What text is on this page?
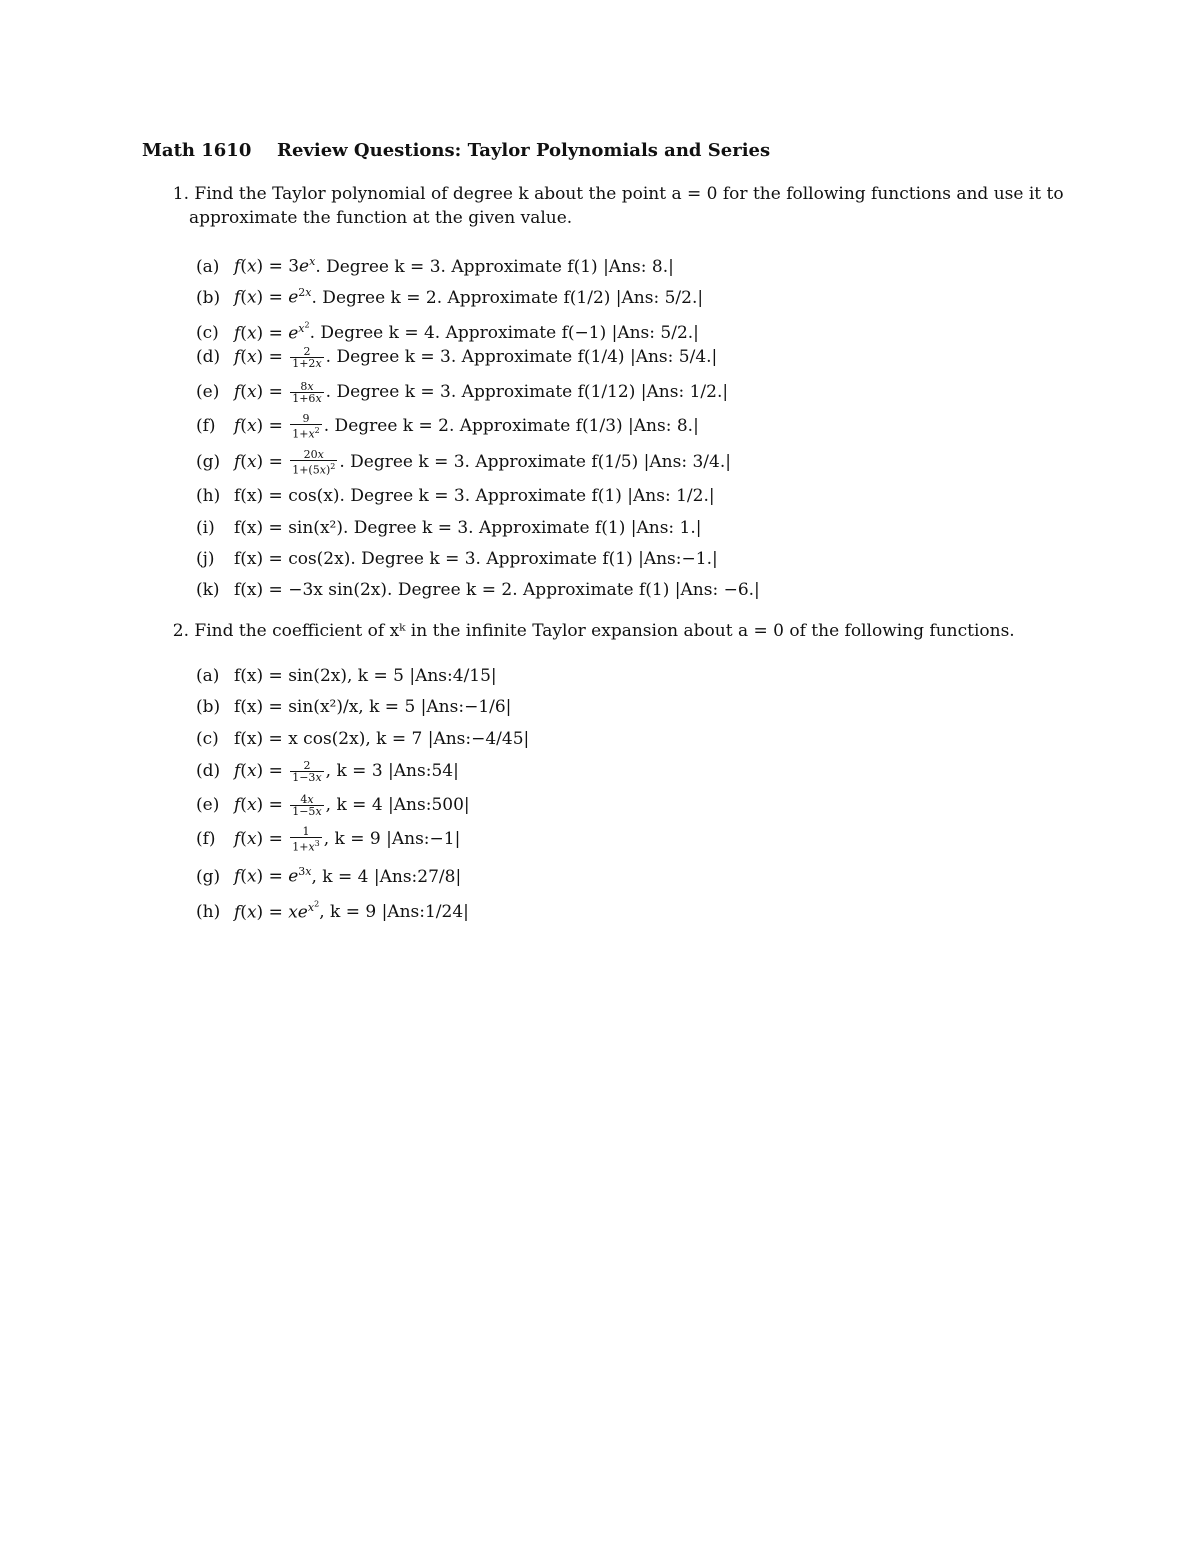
Math 1610 Review Questions: Taylor Polynomials and Series
1. Find the Taylor polynomial of degree k about the point a = 0 for the following functions and use it to
approximate the function at the given value.
(a) $f(x) = 3e^x$. Degree k = 3. Approximate f(1) |Ans: 8.|
(b) $f(x) = e^{2x}$. Degree k = 2. Approximate f(1/2) |Ans: 5/2.|
(c) $f(x) = e^{x^2}$. Degree k = 4. Approximate f(−1) |Ans: 5/2.|
(d) $f(x) = \frac{2}{1+2x}$ . Degree k = 3. Approximate f(1/4) |Ans: 5/4.|
(e) $f(x) = \frac{8x}{1+6x}$ . Degree k = 3. Approximate f(1/12) |Ans: 1/2.|
(f) $f(x) = \frac{9}{1+x^2}$ . Degree k = 2. Approximate f(1/3) |Ans: 8.|
(g) $f(x) = \frac{20x}{1+(5x)^2}$ . Degree k = 3. Approximate f(1/5) |Ans: 3/4.|
(h) f(x) = cos(x). Degree k = 3. Approximate f(1) |Ans: 1/2.|
(i) f(x) = sin(x²). Degree k = 3. Approximate f(1) |Ans: 1.|
(j) f(x) = cos(2x). Degree k = 3. Approximate f(1) |Ans:−1.|
(k) f(x) = −3x sin(2x). Degree k = 2. Approximate f(1) |Ans: −6.|
2. Find the coefficient of xᵏ in the infinite Taylor expansion about a = 0 of the following functions.
(a) f(x) = sin(2x), k = 5 |Ans:4/15|
(b) f(x) = sin(x²)/x, k = 5 |Ans:−1/6|
(c) f(x) = x cos(2x), k = 7 |Ans:−4/45|
(d) $f(x) = \frac{2}{1-3x}$ , k = 3 |Ans:54|
(e) $f(x) = \frac{4x}{1-5x}$ , k = 4 |Ans:500|
(f) $f(x) = \frac{1}{1+x^3}$ , k = 9 |Ans:−1|
(g) $f(x) = e^{3x}$, k = 4 |Ans:27/8|
(h) $f(x) = xe^{x^2}$, k = 9 |Ans:1/24|
